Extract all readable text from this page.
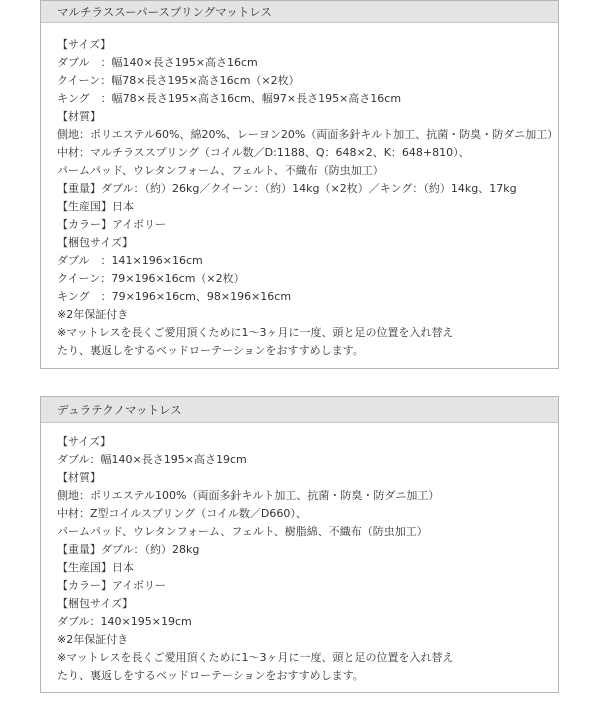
マルチラススーパースプリングマットレス
【サイズ】
ダブル　：幅140×長さ195×高さ16cm
クイーン：幅78×長さ195×高さ16cm（×2枚）
キング　：幅78×長さ195×高さ16cm、幅97×長さ195×高さ16cm
【材質】
側地：ポリエステル60%、綿20%、レーヨン20%（両面多針キルト加工、抗菌・防臭・防ダニ加工）
中材：マルチラススプリング（コイル数／D:1188、Q：648×2、K：648+810）、
パームパッド、ウレタンフォーム、フェルト、不織布（防虫加工）
【重量】ダブル：（約）26kg／クイーン：（約）14kg（×2枚）／キング：（約）14kg、17kg
【生産国】日本
【カラー】アイボリー
【梱包サイズ】
ダブル　：141×196×16cm
クイーン：79×196×16cm（×2枚）
キング　：79×196×16cm、98×196×16cm
※2年保証付き
※マットレスを長くご愛用頂くために1～3ヶ月に一度、頭と足の位置を入れ替え
たり、裏返しをするベッドローテーションをおすすめします。
デュラテクノマットレス
【サイズ】
ダブル：幅140×長さ195×高さ19cm
【材質】
側地：ポリエステル100%（両面多針キルト加工、抗菌・防臭・防ダニ加工）
中材：Z型コイルスプリング（コイル数／D660）、
パームパッド、ウレタンフォーム、フェルト、樹脂綿、不織布（防虫加工）
【重量】ダブル：（約）28kg
【生産国】日本
【カラー】アイボリー
【梱包サイズ】
ダブル：140×195×19cm
※2年保証付き
※マットレスを長くご愛用頂くために1～3ヶ月に一度、頭と足の位置を入れ替え
たり、裏返しをするベッドローテーションをおすすめします。
